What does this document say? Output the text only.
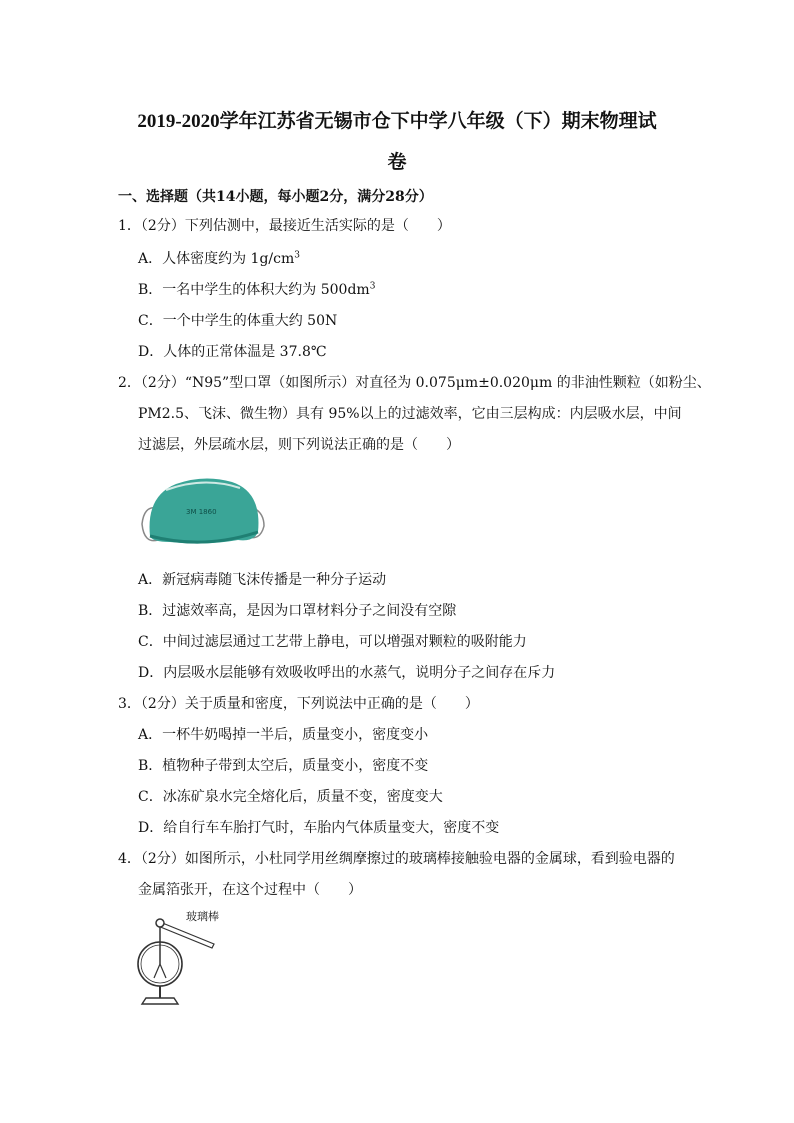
2019-2020学年江苏省无锡市仓下中学八年级（下）期末物理试
卷
一、选择题（共14小题，每小题2分，满分28分）
1．（2分）下列估测中，最接近生活实际的是（　　）
A．人体密度约为 $1g/cm^3$
B．一名中学生的体积大约为 $500dm^3$
C．一个中学生的体重大约 50N
D．人体的正常体温是 37.8℃
2．（2分）“N95”型口罩（如图所示）对直径为 0.075μm±0.020μm 的非油性颗粒（如粉尘、
PM2.5、飞沫、微生物）具有 95%以上的过滤效率，它由三层构成：内层吸水层，中间
过滤层，外层疏水层，则下列说法正确的是（　　）
3M 1860
A．新冠病毒随飞沫传播是一种分子运动
B．过滤效率高，是因为口罩材料分子之间没有空隙
C．中间过滤层通过工艺带上静电，可以增强对颗粒的吸附能力
D．内层吸水层能够有效吸收呼出的水蒸气，说明分子之间存在斥力
3．（2分）关于质量和密度，下列说法中正确的是（　　）
A．一杯牛奶喝掉一半后，质量变小，密度变小
B．植物种子带到太空后，质量变小，密度不变
C．冰冻矿泉水完全熔化后，质量不变，密度变大
D．给自行车车胎打气时，车胎内气体质量变大，密度不变
4．（2分）如图所示，小杜同学用丝绸摩擦过的玻璃棒接触验电器的金属球，看到验电器的
金属箔张开，在这个过程中（　　）
玻璃棒
